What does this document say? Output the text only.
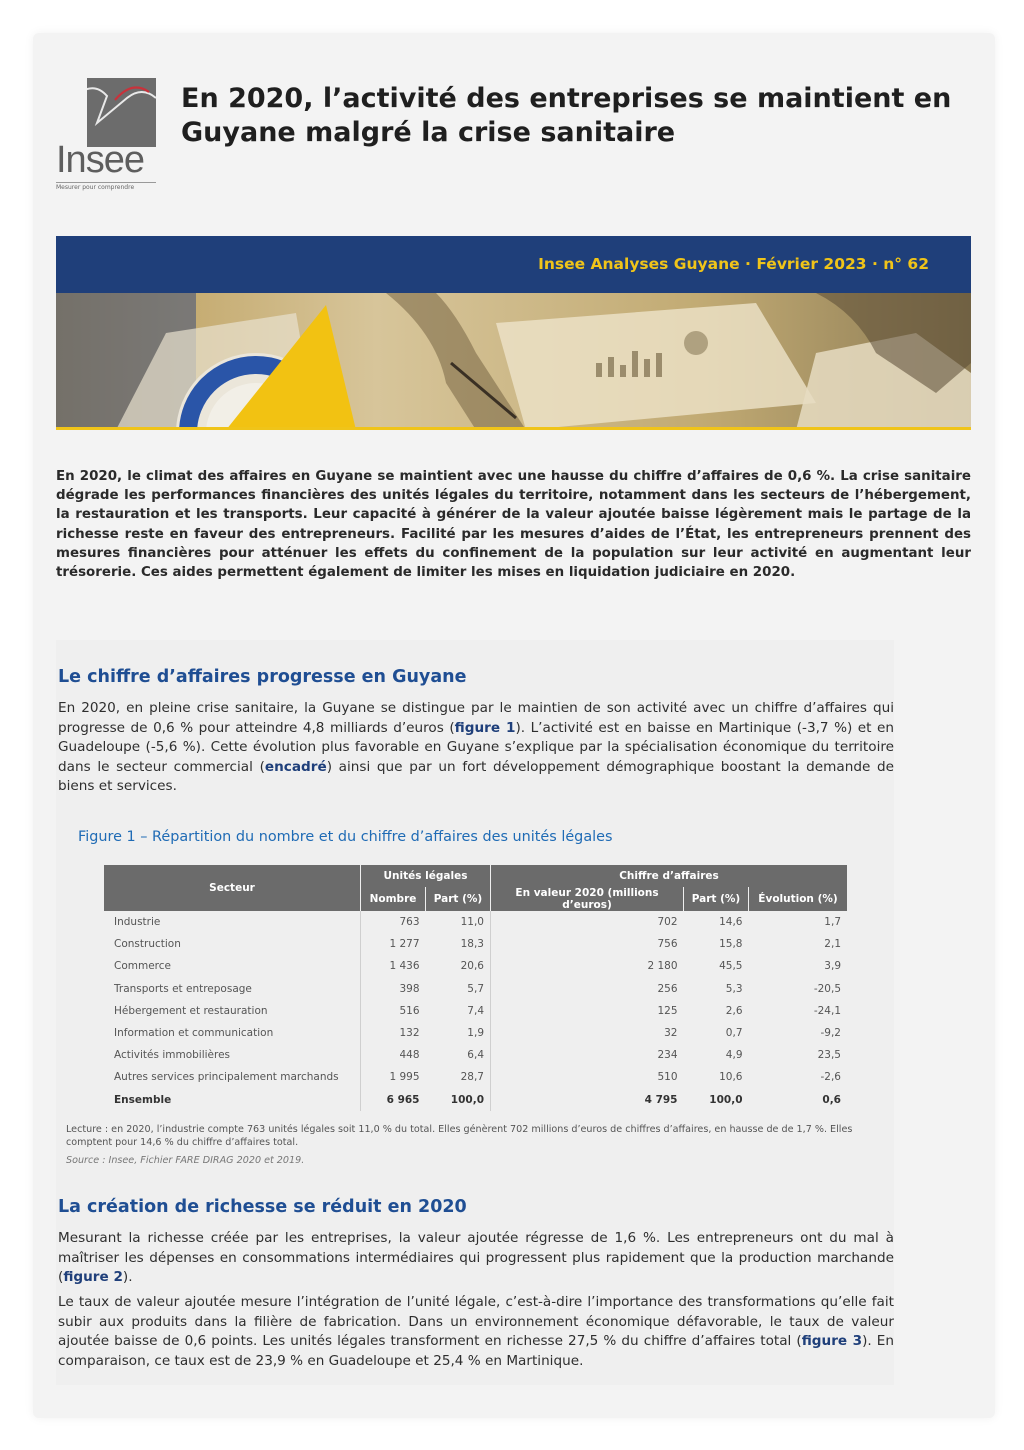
Insee
Mesurer pour comprendre
En 2020, l’activité des entreprises se maintient en Guyane malgré la crise sanitaire
Insee Analyses Guyane · Février 2023 · n° 62

En 2020, le climat des affaires en Guyane se maintient avec une hausse du chiffre d’affaires de 0,6 %. La crise sanitaire dégrade les performances financières des unités légales du territoire, notamment dans les secteurs de l’hébergement, la restauration et les transports. Leur capacité à générer de la valeur ajoutée baisse légèrement mais le partage de la richesse reste en faveur des entrepreneurs. Facilité par les mesures d’aides de l’État, les entrepreneurs prennent des mesures financières pour atténuer les effets du confinement de la population sur leur activité en augmentant leur trésorerie. Ces aides permettent également de limiter les mises en liquidation judiciaire en 2020.

Le chiffre d’affaires progresse en Guyane

En 2020, en pleine crise sanitaire, la Guyane se distingue par le maintien de son activité avec un chiffre d’affaires qui progresse de 0,6 % pour atteindre 4,8 milliards d’euros (figure 1). L’activité est en baisse en Martinique (-3,7 %) et en Guadeloupe (-5,6 %). Cette évolution plus favorable en Guyane s’explique par la spécialisation économique du territoire dans le secteur commercial (encadré) ainsi que par un fort développement démographique boostant la demande de biens et services.

Figure 1 – Répartition du nombre et du chiffre d’affaires des unités légales

Secteur	Unités légales		Chiffre d’affaires		
	Nombre	Part (%)	En valeur 2020 (millions d’euros)	Part (%)	Évolution (%)
Industrie	763	11,0	702	14,6	1,7
Construction	1 277	18,3	756	15,8	2,1
Commerce	1 436	20,6	2 180	45,5	3,9
Transports et entreposage	398	5,7	256	5,3	-20,5
Hébergement et restauration	516	7,4	125	2,6	-24,1
Information et communication	132	1,9	32	0,7	-9,2
Activités immobilières	448	6,4	234	4,9	23,5
Autres services principalement marchands	1 995	28,7	510	10,6	-2,6
Ensemble	6 965	100,0	4 795	100,0	0,6

Lecture : en 2020, l’industrie compte 763 unités légales soit 11,0 % du total. Elles génèrent 702 millions d’euros de chiffres d’affaires, en hausse de de 1,7 %. Elles comptent pour 14,6 % du chiffre d’affaires total.

Source : Insee, Fichier FARE DIRAG 2020 et 2019.

La création de richesse se réduit en 2020

Mesurant la richesse créée par les entreprises, la valeur ajoutée régresse de 1,6 %. Les entrepreneurs ont du mal à maîtriser les dépenses en consommations intermédiaires qui progressent plus rapidement que la production marchande (figure 2).

Le taux de valeur ajoutée mesure l’intégration de l’unité légale, c’est-à-dire l’importance des transformations qu’elle fait subir aux produits dans la filière de fabrication. Dans un environnement économique défavorable, le taux de valeur ajoutée baisse de 0,6 points. Les unités légales transforment en richesse 27,5 % du chiffre d’affaires total (figure 3). En comparaison, ce taux est de 23,9 % en Guadeloupe et 25,4 % en Martinique.
